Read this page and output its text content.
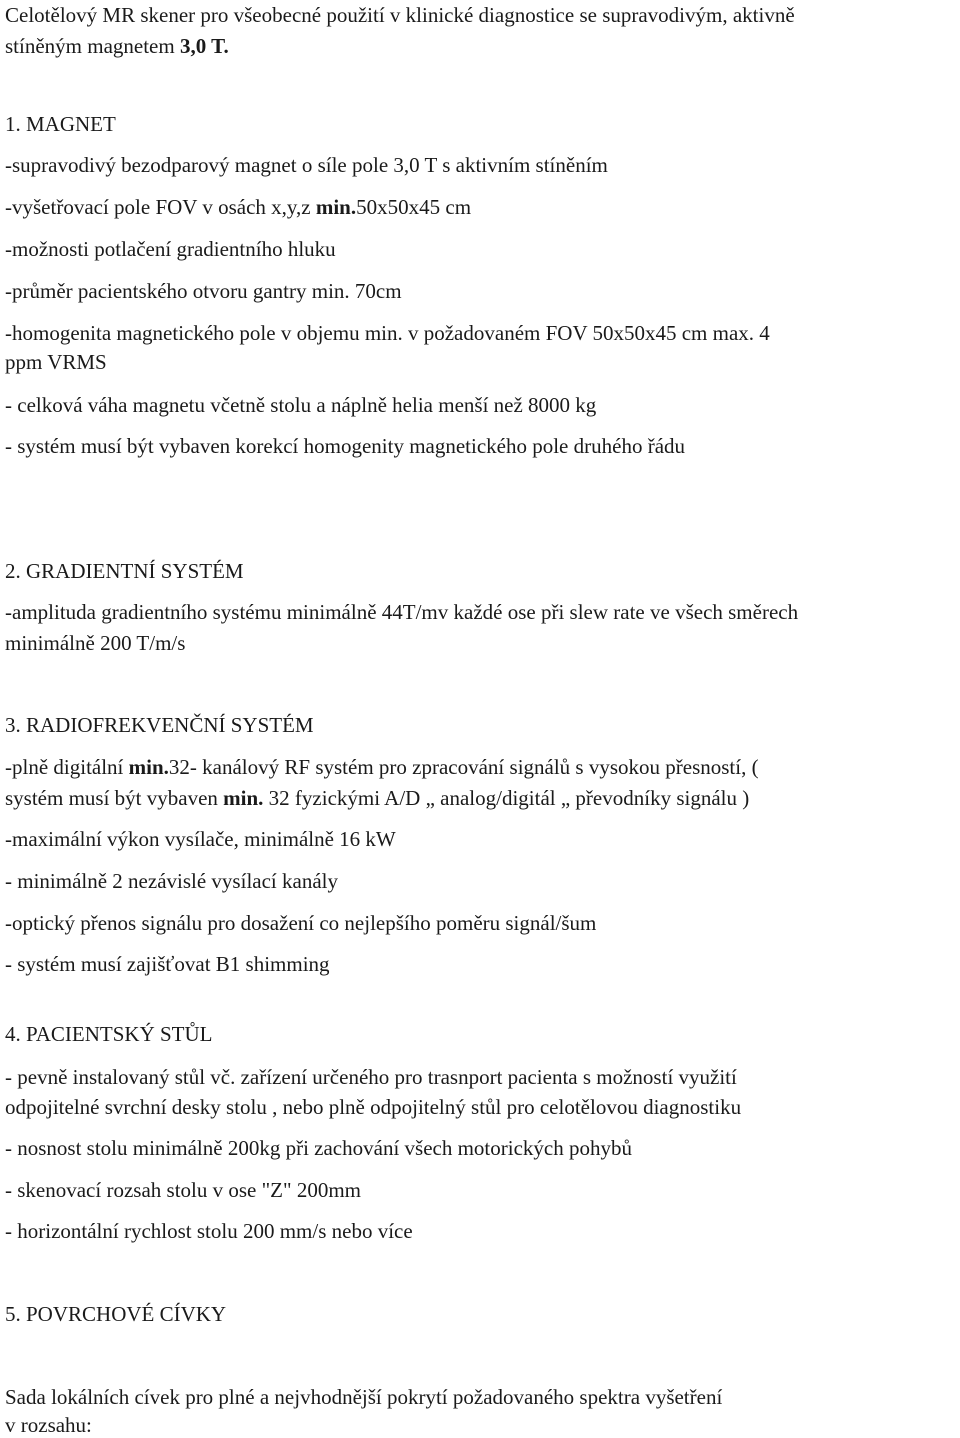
Celotělový MR skener pro všeobecné použití v klinické diagnostice se supravodivým, aktivně
stíněným magnetem 3,0 T.
1. MAGNET
-supravodivý bezodparový magnet o síle pole 3,0 T s aktivním stíněním
-vyšetřovací pole FOV v osách x,y,z min.50x50x45 cm
-možnosti potlačení gradientního hluku
-průměr pacientského otvoru gantry min. 70cm
-homogenita magnetického pole v objemu min. v požadovaném FOV 50x50x45 cm max. 4
ppm VRMS
- celková váha magnetu včetně stolu a náplně helia menší než 8000 kg
- systém musí být vybaven korekcí homogenity magnetického pole druhého řádu
2. GRADIENTNÍ SYSTÉM
-amplituda gradientního systému minimálně 44T/mv každé ose při slew rate ve všech směrech
minimálně 200 T/m/s
3. RADIOFREKVENČNÍ SYSTÉM
-plně digitální min.32- kanálový RF systém pro zpracování signálů s vysokou přesností, (
systém musí být vybaven min. 32 fyzickými A/D „ analog/digitál „ převodníky signálu )
-maximální výkon vysílače, minimálně 16 kW
- minimálně 2 nezávislé vysílací kanály
-optický přenos signálu pro dosažení co nejlepšího poměru signál/šum
- systém musí zajišťovat B1 shimming
4. PACIENTSKÝ STŮL
- pevně instalovaný stůl vč. zařízení určeného pro trasnport pacienta s možností využití
odpojitelné svrchní desky stolu , nebo plně odpojitelný stůl pro celotělovou diagnostiku
- nosnost stolu minimálně 200kg při zachování všech motorických pohybů
- skenovací rozsah stolu v ose "Z" 200mm
- horizontální rychlost stolu 200 mm/s nebo více
5. POVRCHOVÉ CÍVKY
Sada lokálních cívek pro plné a nejvhodnější pokrytí požadovaného spektra vyšetření
v rozsahu:
